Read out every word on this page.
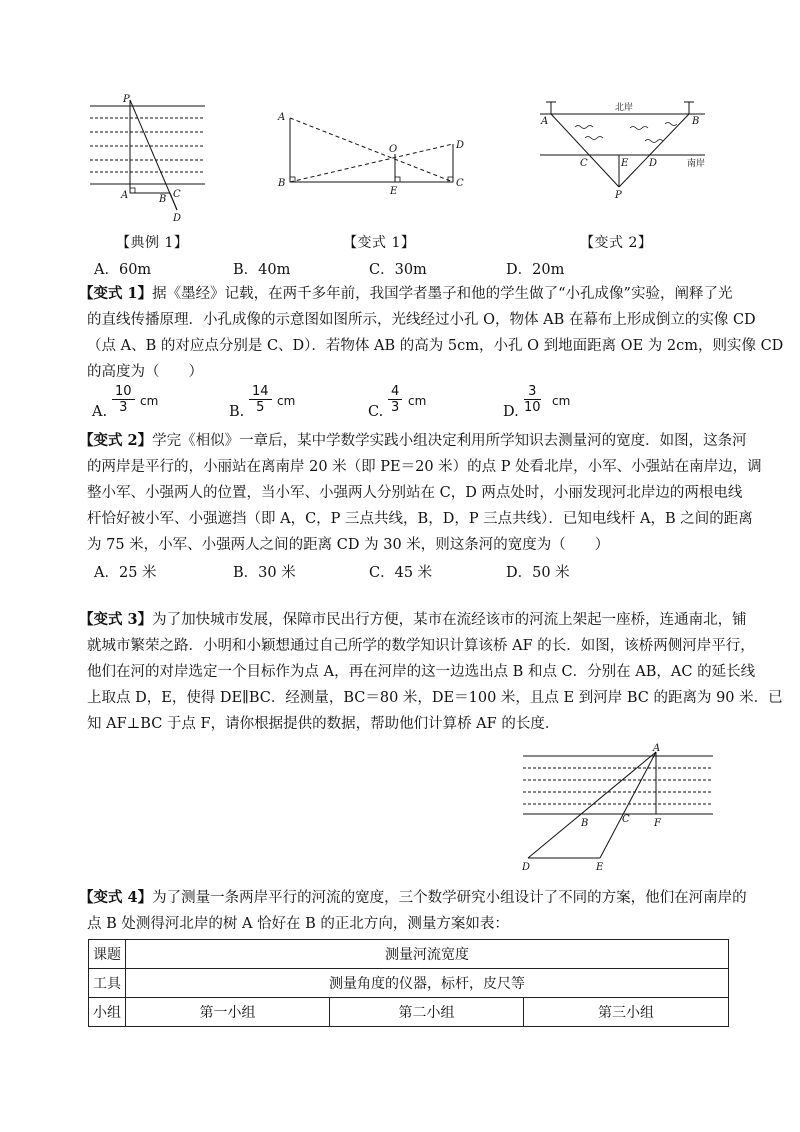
P
A	B C
D
【典例 1】
A
B
O	D
E
C
【变式 1】
北岸
南岸
A	B
C	E D
P
【变式 2】
A．60m	B．40m	C．30m	D．20m
【变式 1】据《墨经》记载，在两千多年前，我国学者墨子和他的学生做了“小孔成像”实验，阐释了光
的直线传播原理．小孔成像的示意图如图所示，光线经过小孔 O，物体 AB 在幕布上形成倒立的实像 CD
（点 A、B 的对应点分别是 C、D）．若物体 AB 的高为 5cm，小孔 O 到地面距离 OE 为 2cm，则实像 CD
的高度为（　　）
A. $\frac{10}{3}$ cm
B. $\frac{14}{5}$ cm
C. $\frac{4}{3}$ cm
D. $\frac{3}{10}$ cm
【变式 2】学完《相似》一章后，某中学数学实践小组决定利用所学知识去测量河的宽度．如图，这条河
的两岸是平行的，小丽站在离南岸 20 米（即 PE＝20 米）的点 P 处看北岸，小军、小强站在南岸边，调
整小军、小强两人的位置，当小军、小强两人分别站在 C，D 两点处时，小丽发现河北岸边的两根电线
杆恰好被小军、小强遮挡（即 A，C，P 三点共线，B，D，P 三点共线）．已知电线杆 A，B 之间的距离
为 75 米，小军、小强两人之间的距离 CD 为 30 米，则这条河的宽度为（　　）
A．25 米	B．30 米	C．45 米	D．50 米
【变式 3】为了加快城市发展，保障市民出行方便，某市在流经该市的河流上架起一座桥，连通南北，铺
就城市繁荣之路．小明和小颖想通过自己所学的数学知识计算该桥 AF 的长．如图，该桥两侧河岸平行，
他们在河的对岸选定一个目标作为点 A，再在河岸的这一边选出点 B 和点 C．分别在 AB，AC 的延长线
上取点 D，E，使得 DE∥BC．经测量，BC＝80 米，DE＝100 米，且点 E 到河岸 BC 的距离为 90 米．已
知 AF⊥BC 于点 F，请你根据提供的数据，帮助他们计算桥 AF 的长度．
A
B	C F
D	E
【变式 4】为了测量一条两岸平行的河流的宽度，三个数学研究小组设计了不同的方案，他们在河南岸的
点 B 处测得河北岸的树 A 恰好在 B 的正北方向，测量方案如表：
课题	测量河流宽度		
工具	测量角度的仪器，标杆，皮尺等		
小组	第一小组	第二小组	第三小组
